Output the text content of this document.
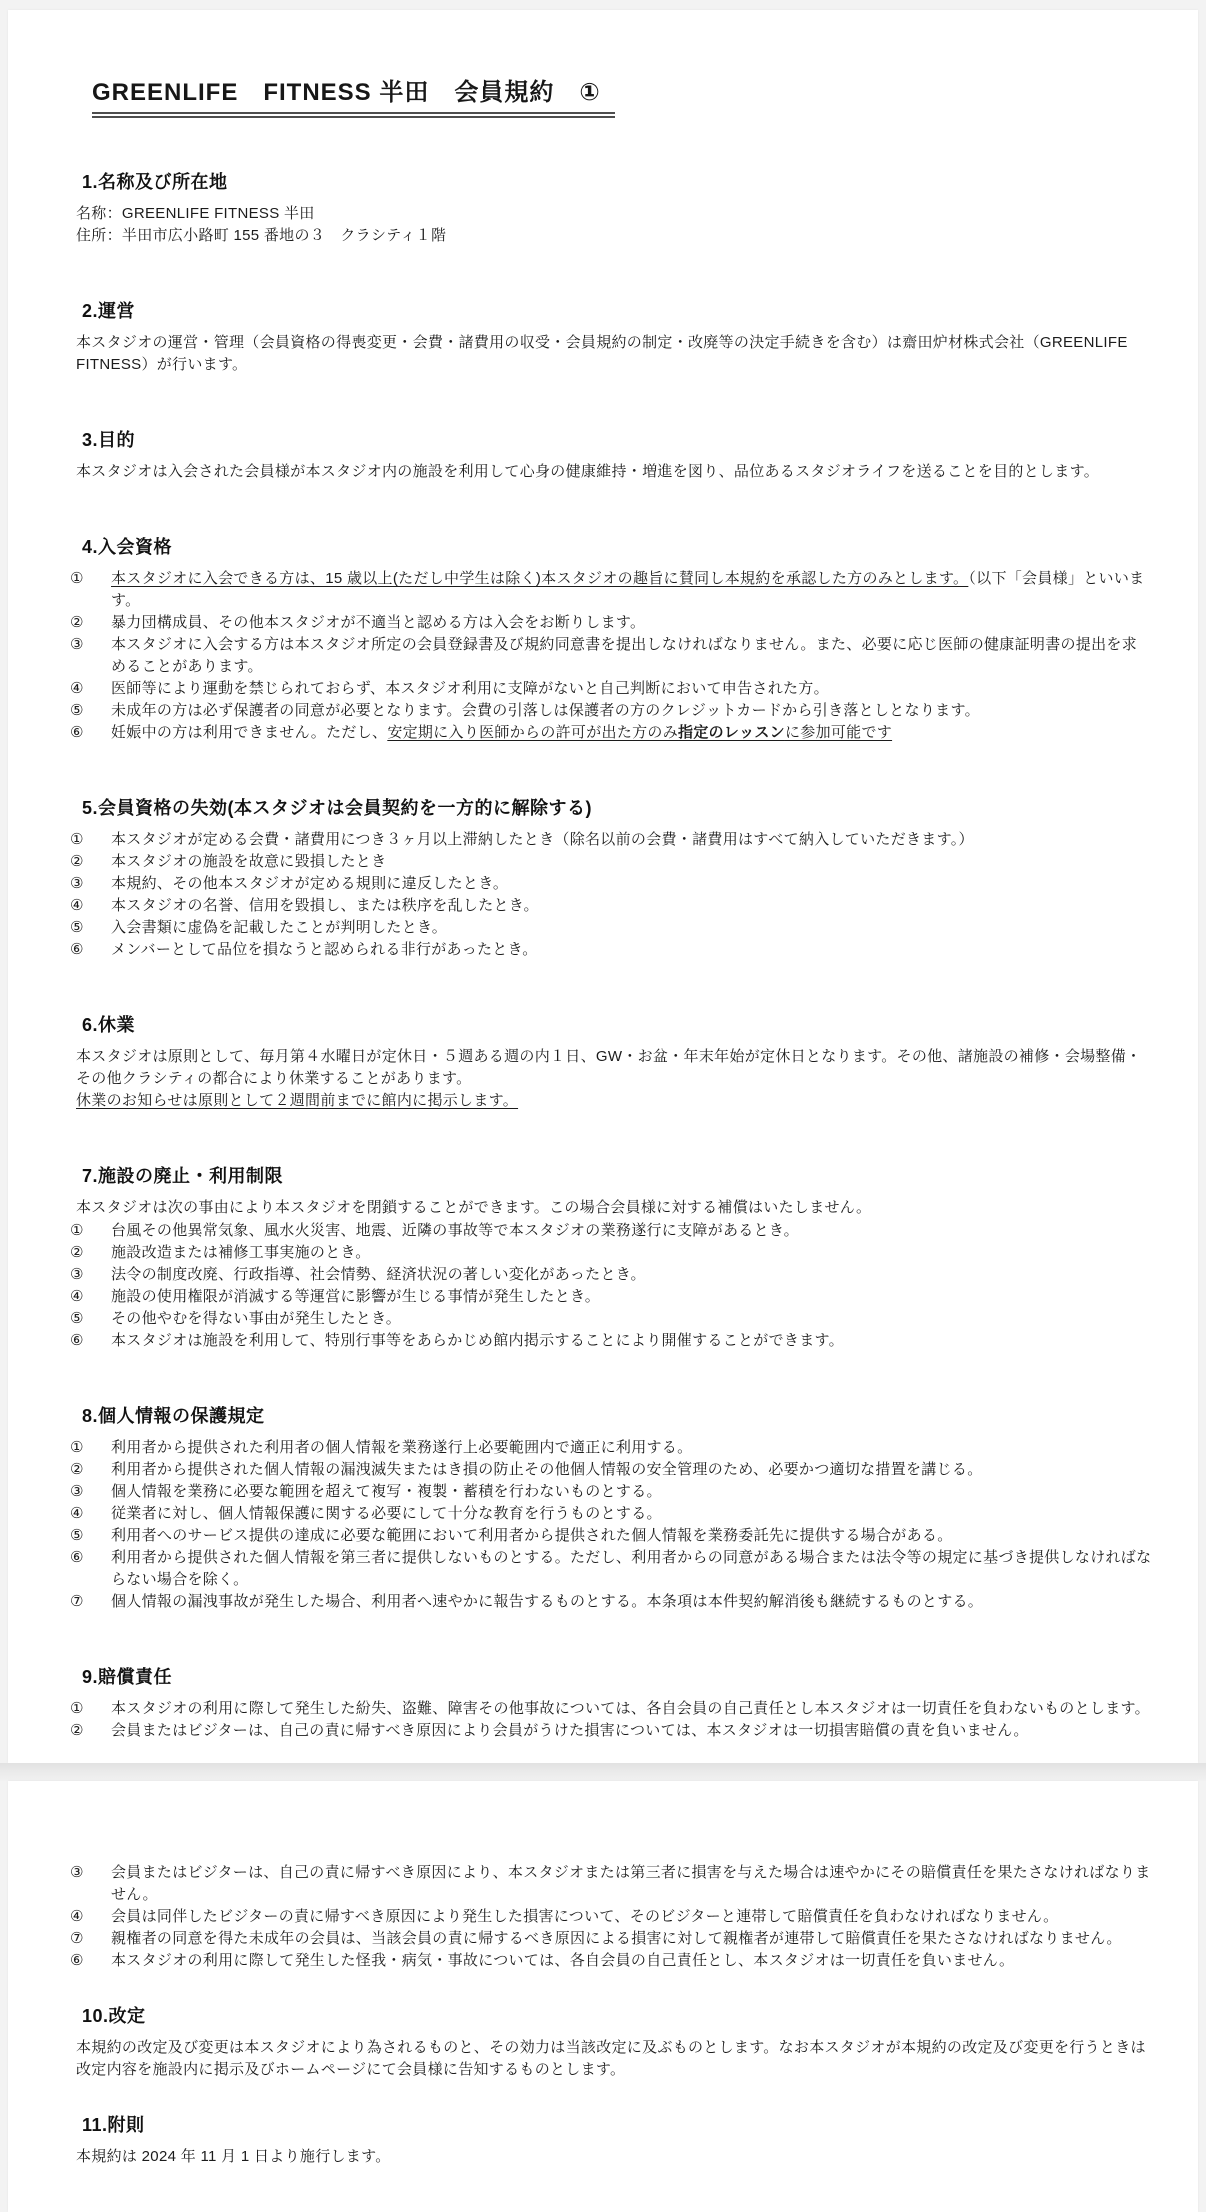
GREENLIFE　FITNESS 半田　会員規約　①
1.名称及び所在地
名称：GREENLIFE FITNESS 半田
住所：半田市広小路町 155 番地の３　クラシティ１階
2.運営
本スタジオの運営・管理（会員資格の得喪変更・会費・諸費用の収受・会員規約の制定・改廃等の決定手続きを含む）は齋田炉材株式会社（GREENLIFE FITNESS）が行います。
3.目的
本スタジオは入会された会員様が本スタジオ内の施設を利用して心身の健康維持・増進を図り、品位あるスタジオライフを送ることを目的とします。
4.入会資格
①	本スタジオに入会できる方は、15 歳以上(ただし中学生は除く)本スタジオの趣旨に賛同し本規約を承認した方のみとします。（以下「会員様」といいます。
②	暴力団構成員、その他本スタジオが不適当と認める方は入会をお断りします。
③	本スタジオに入会する方は本スタジオ所定の会員登録書及び規約同意書を提出しなければなりません。また、必要に応じ医師の健康証明書の提出を求めることがあります。
④	医師等により運動を禁じられておらず、本スタジオ利用に支障がないと自己判断において申告された方。
⑤	未成年の方は必ず保護者の同意が必要となります。会費の引落しは保護者の方のクレジットカードから引き落としとなります。
⑥	妊娠中の方は利用できません。ただし、安定期に入り医師からの許可が出た方のみ指定のレッスンに参加可能です
5.会員資格の失効(本スタジオは会員契約を一方的に解除する)
①	本スタジオが定める会費・諸費用につき３ヶ月以上滞納したとき（除名以前の会費・諸費用はすべて納入していただきます。）
②	本スタジオの施設を故意に毀損したとき
③	本規約、その他本スタジオが定める規則に違反したとき。
④	本スタジオの名誉、信用を毀損し、または秩序を乱したとき。
⑤	入会書類に虚偽を記載したことが判明したとき。
⑥	メンバーとして品位を損なうと認められる非行があったとき。
6.休業
本スタジオは原則として、毎月第４水曜日が定休日・５週ある週の内１日、GW・お盆・年末年始が定休日となります。その他、諸施設の補修・会場整備・その他クラシティの都合により休業することがあります。
休業のお知らせは原則として２週間前までに館内に掲示します。
7.施設の廃止・利用制限
本スタジオは次の事由により本スタジオを閉鎖することができます。この場合会員様に対する補償はいたしません。
①	台風その他異常気象、風水火災害、地震、近隣の事故等で本スタジオの業務遂行に支障があるとき。
②	施設改造または補修工事実施のとき。
③	法令の制度改廃、行政指導、社会情勢、経済状況の著しい変化があったとき。
④	施設の使用権限が消滅する等運営に影響が生じる事情が発生したとき。
⑤	その他やむを得ない事由が発生したとき。
⑥	本スタジオは施設を利用して、特別行事等をあらかじめ館内掲示することにより開催することができます。
8.個人情報の保護規定
①	利用者から提供された利用者の個人情報を業務遂行上必要範囲内で適正に利用する。
②	利用者から提供された個人情報の漏洩滅失またはき損の防止その他個人情報の安全管理のため、必要かつ適切な措置を講じる。
③	個人情報を業務に必要な範囲を超えて複写・複製・蓄積を行わないものとする。
④	従業者に対し、個人情報保護に関する必要にして十分な教育を行うものとする。
⑤	利用者へのサービス提供の達成に必要な範囲において利用者から提供された個人情報を業務委託先に提供する場合がある。
⑥	利用者から提供された個人情報を第三者に提供しないものとする。ただし、利用者からの同意がある場合または法令等の規定に基づき提供しなければならない場合を除く。
⑦	個人情報の漏洩事故が発生した場合、利用者へ速やかに報告するものとする。本条項は本件契約解消後も継続するものとする。
9.賠償責任
①	本スタジオの利用に際して発生した紛失、盗難、障害その他事故については、各自会員の自己責任とし本スタジオは一切責任を負わないものとします。
②	会員またはビジターは、自己の責に帰すべき原因により会員がうけた損害については、本スタジオは一切損害賠償の責を負いません。
③	会員またはビジターは、自己の責に帰すべき原因により、本スタジオまたは第三者に損害を与えた場合は速やかにその賠償責任を果たさなければなりません。
④	会員は同伴したビジターの責に帰すべき原因により発生した損害について、そのビジターと連帯して賠償責任を負わなければなりません。
⑦	親権者の同意を得た未成年の会員は、当該会員の責に帰するべき原因による損害に対して親権者が連帯して賠償責任を果たさなければなりません。
⑥	本スタジオの利用に際して発生した怪我・病気・事故については、各自会員の自己責任とし、本スタジオは一切責任を負いません。
10.改定
本規約の改定及び変更は本スタジオにより為されるものと、その効力は当該改定に及ぶものとします。なお本スタジオが本規約の改定及び変更を行うときは改定内容を施設内に掲示及びホームページにて会員様に告知するものとします。
11.附則
本規約は 2024 年 11 月 1 日より施行します。
